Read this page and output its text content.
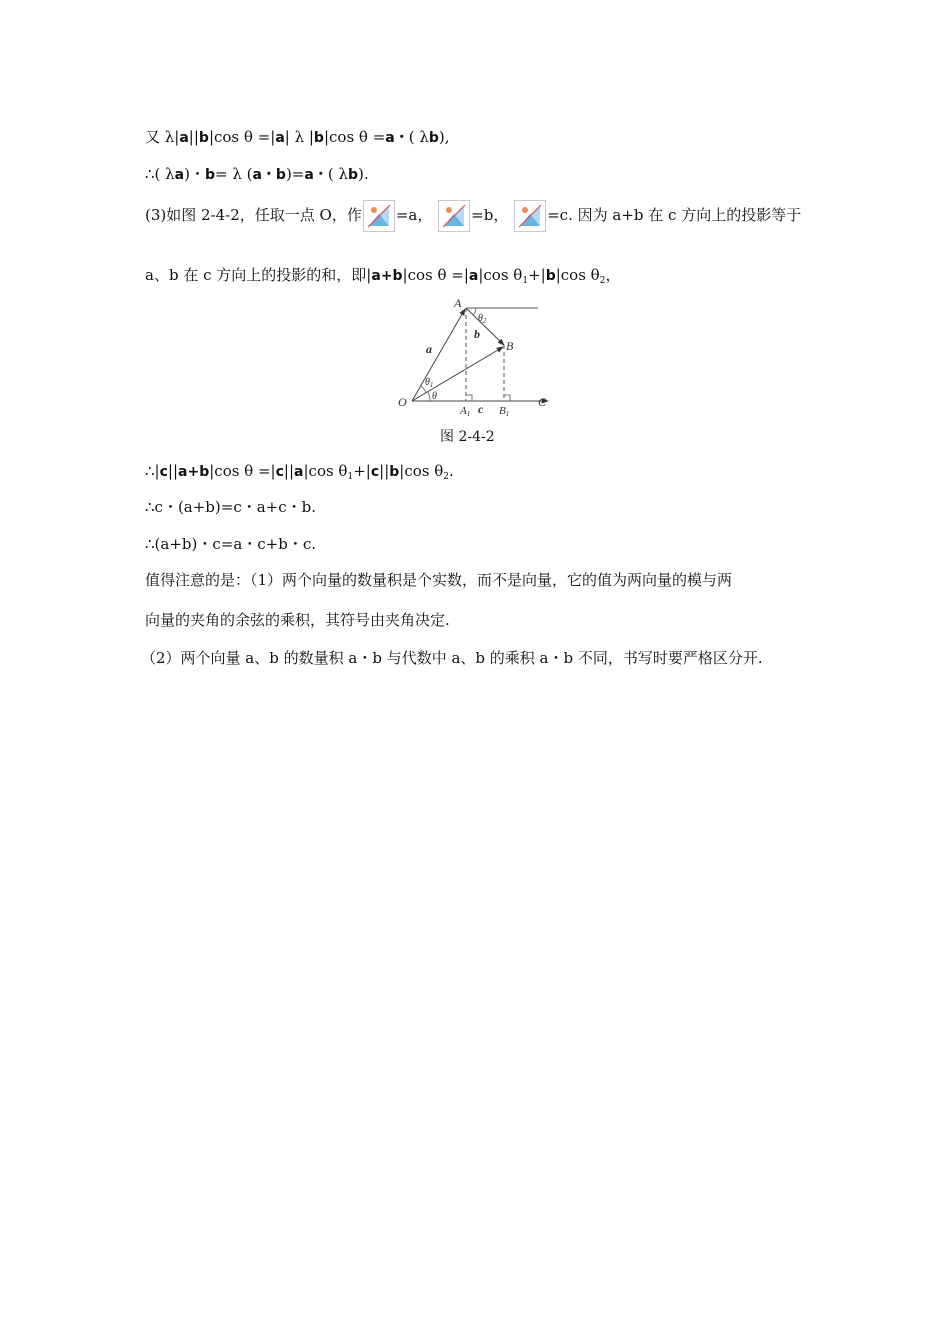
又 λ|a||b|cos θ =|a| λ |b|cos θ =a・( λb),
∴( λa)・b= λ (a・b)=a・( λb).
(3)如图 2-4-2，任取一点 O，作 =a，	=b，	=c. 因为 a+b 在 c 方向上的投影等于
a、b 在 c 方向上的投影的和，即|a+b|cos θ =|a|cos $\theta_1+|b|\cos$ $\theta_2$，
A
B
O	C
a
b
c
θ
$\theta_1$
$\theta_2$
A1	B1
图 2-4-2
∴|c||a+b|cos θ =|c||a|cos $\theta_1+|c||b|\cos$ $\theta_2$.
∴c・(a+b)=c・a+c・b.
∴(a+b)・c=a・c+b・c.
值得注意的是：（1）两个向量的数量积是个实数，而不是向量，它的值为两向量的模与两
向量的夹角的余弦的乘积，其符号由夹角决定.
（2）两个向量 a、b 的数量积 a・b 与代数中 a、b 的乘积 a・b 不同，书写时要严格区分开.
